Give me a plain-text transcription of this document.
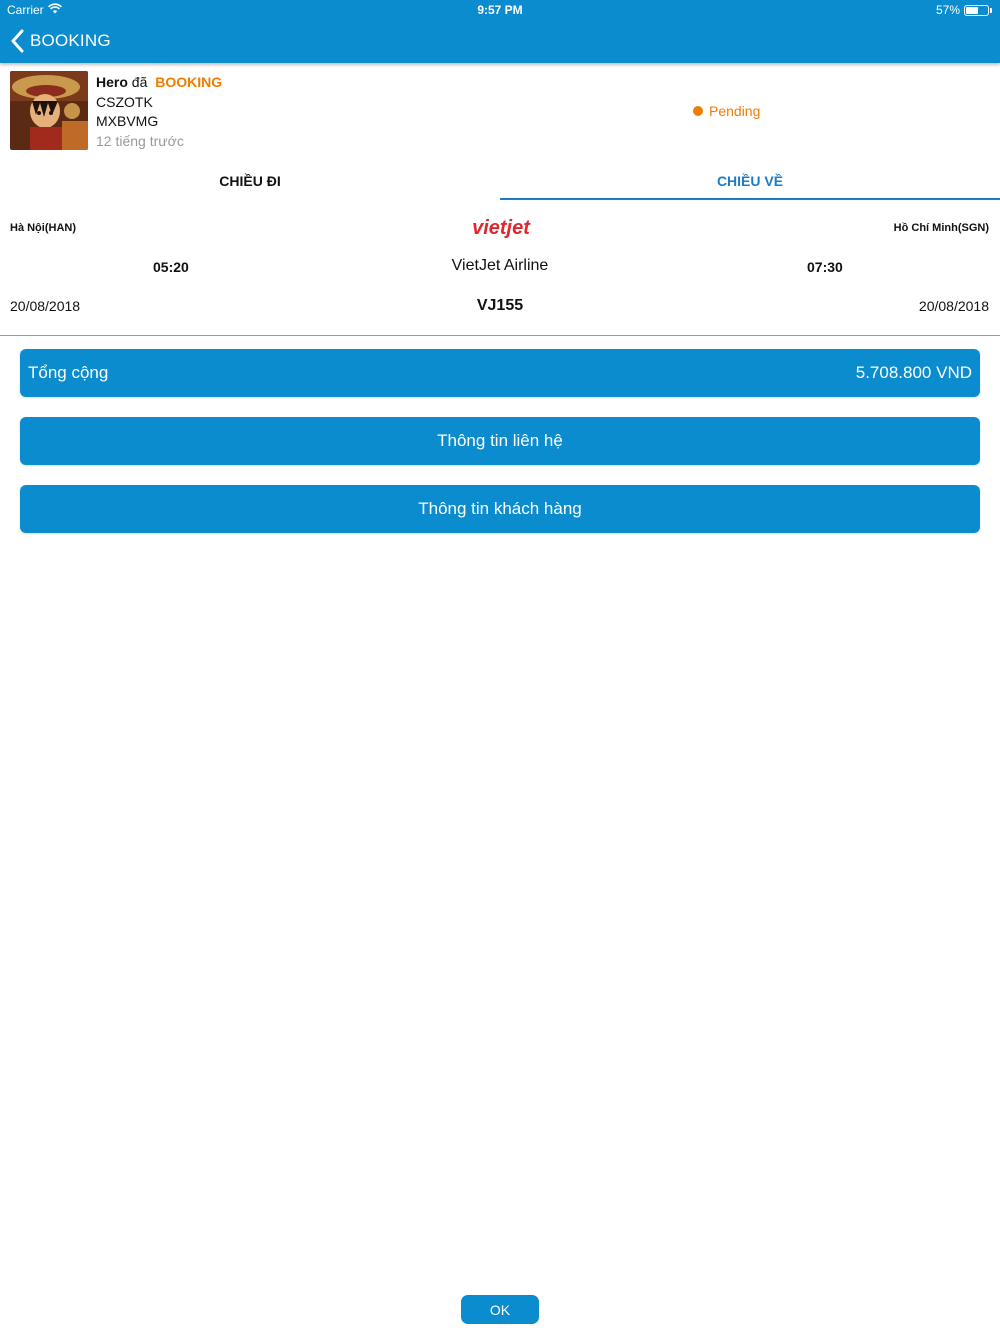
Carrier	9:57 PM	57%
BOOKING
Hero đã BOOKING
CSZOTK
MXBVMG
12 tiếng trước
Pending
CHIỀU ĐI	CHIỀU VỀ
Hà Nội(HAN)	vietjet	Hồ Chí Minh(SGN)
05:20	VietJet Airline	07:30
20/08/2018	VJ155	20/08/2018
Tổng cộng	5.708.800 VND
Thông tin liên hệ
Thông tin khách hàng
OK
